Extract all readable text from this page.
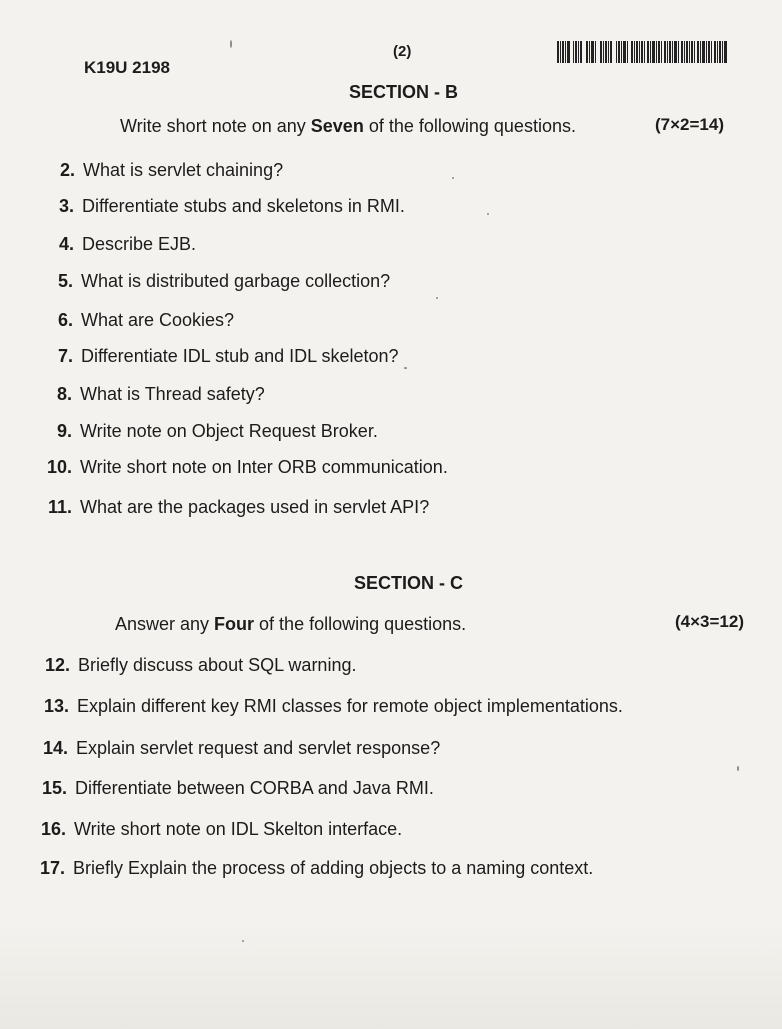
K19U 2198
(2)
SECTION - B
Write short note on any Seven of the following questions.	(7×2=14)
2. What is servlet chaining?
3. Differentiate stubs and skeletons in RMI.
4. Describe EJB.
5. What is distributed garbage collection?
6. What are Cookies?
7. Differentiate IDL stub and IDL skeleton?
8. What is Thread safety?
9. Write note on Object Request Broker.
10. Write short note on Inter ORB communication.
11. What are the packages used in servlet API?
SECTION - C
Answer any Four of the following questions.	(4×3=12)
12. Briefly discuss about SQL warning.
13. Explain different key RMI classes for remote object implementations.
14. Explain servlet request and servlet response?
15. Differentiate between CORBA and Java RMI.
16. Write short note on IDL Skelton interface.
17. Briefly Explain the process of adding objects to a naming context.
